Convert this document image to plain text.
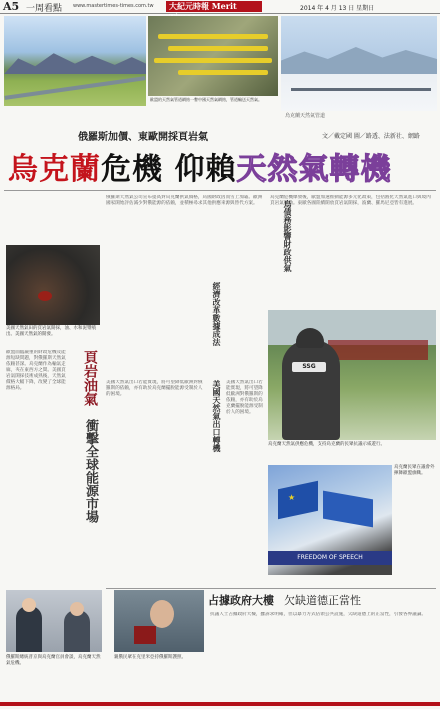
A5 一周看點 www.mastertimes-times.com.tw	大紀元時報 Merit	2014 年 4 月 13 日 星期日
歐盟的天然氣管道網絡一瞥中國天然氣網絡，管道輸送天然氣。
烏克蘭天然氣管道
俄羅斯加價、東歐開採頁岩氣	文／戴定國 圖／路透、法新社、網路
烏克蘭危機 仰賴天然氣轉機
美國天然氣田的頁岩氣開採，油、水和泥漿噴出。美國天然氣的開發。
歐盟面臨嚴重的財政危機及能源短缺問題，對俄羅斯天然氣依賴甚深。烏克蘭作為輸氣走廊，夾在東西方之間。美國頁岩氣開採技術成熟後，天然氣價格大幅下降，改變了全球能源格局。	頁岩油氣 衝擊全球能源市場
俄羅斯天然氣公司宣布提高對烏克蘭供氣價格，烏國財政因而雪上加霜。歐洲國家開始評估減少對俄能源的依賴，並積極尋求其他供應來源與替代方案。
烏克蘭危機爆發後，歐盟加速推動能源多元化政策，包括液化天然氣進口與境內頁岩氣探勘。東歐各國陸續開放頁岩氣開採，波蘭、羅馬尼亞皆有進展。
烏債務影響財政供氣
經濟改革數據成法
美國天然氣出口轉機
SSG
烏克蘭天然氣供應危機，支持烏克蘭的民眾抗議示威遊行。
美國天然氣出口若能實現，將可望降低歐洲對俄羅斯的依賴，亦有助於烏克蘭擺脫能源受制於人的困境。
美國天然氣出口若能實現，將可望降低歐洲對俄羅斯的依賴，亦有助於烏克蘭擺脫能源受制於人的困境。
★
FREEDOM OF SPEECH
烏克蘭民眾在議會外揮舞歐盟旗幟。
占據政府大樓 欠缺道德正當性
抗議人士占據政府大樓，雖訴求明確，但以暴力方式佔領公共設施，欠缺道德上的正當性，引發各界議論。
俄羅斯總統普京與烏克蘭官員會談，烏克蘭天然氣危機。
親俄民眾在克里米亞持俄羅斯護照。
